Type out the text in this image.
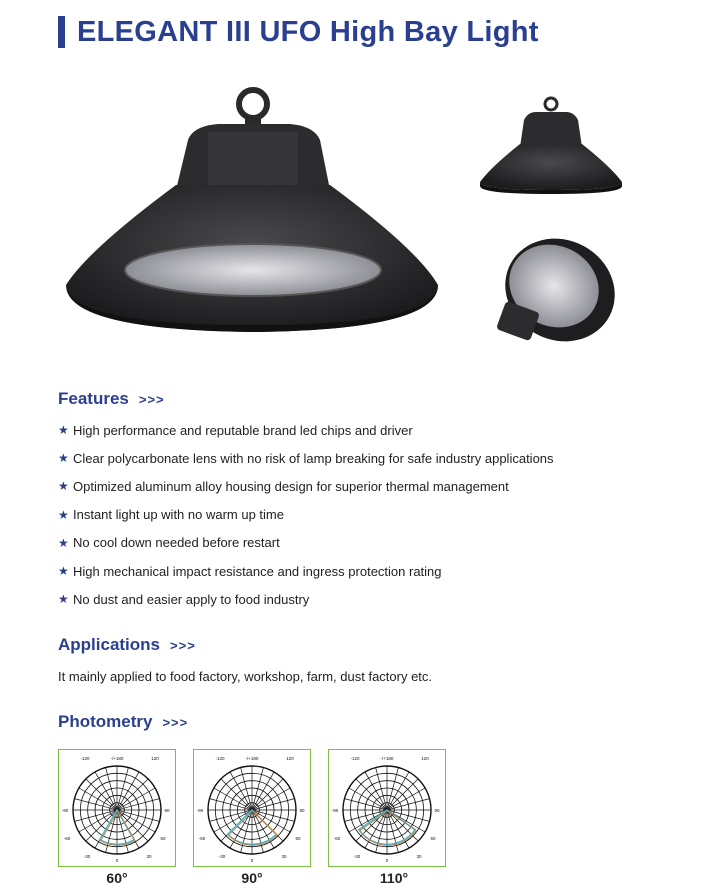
ELEGANT III UFO High Bay Light
Features >>>
★ High performance and reputable brand led chips and driver
★ Clear polycarbonate lens with no risk of lamp breaking for safe industry applications
★ Optimized aluminum alloy housing design for superior thermal management
★ Instant light up with no warm up time
★ No cool down needed before restart
★ High mechanical impact resistance and ingress protection rating
★ No dust and easier apply to food industry
Applications >>>
It mainly applied to food factory, workshop, farm, dust factory etc.
Photometry >>>
-120	-/+180	120
-90	90
-60	60
-30
0
30
60°
-120	-/+180	120
-90	90
-60	60
-30
0
30
90°
-120	-/+180	120
-90	90
-60	60
-30
0
30
110°
